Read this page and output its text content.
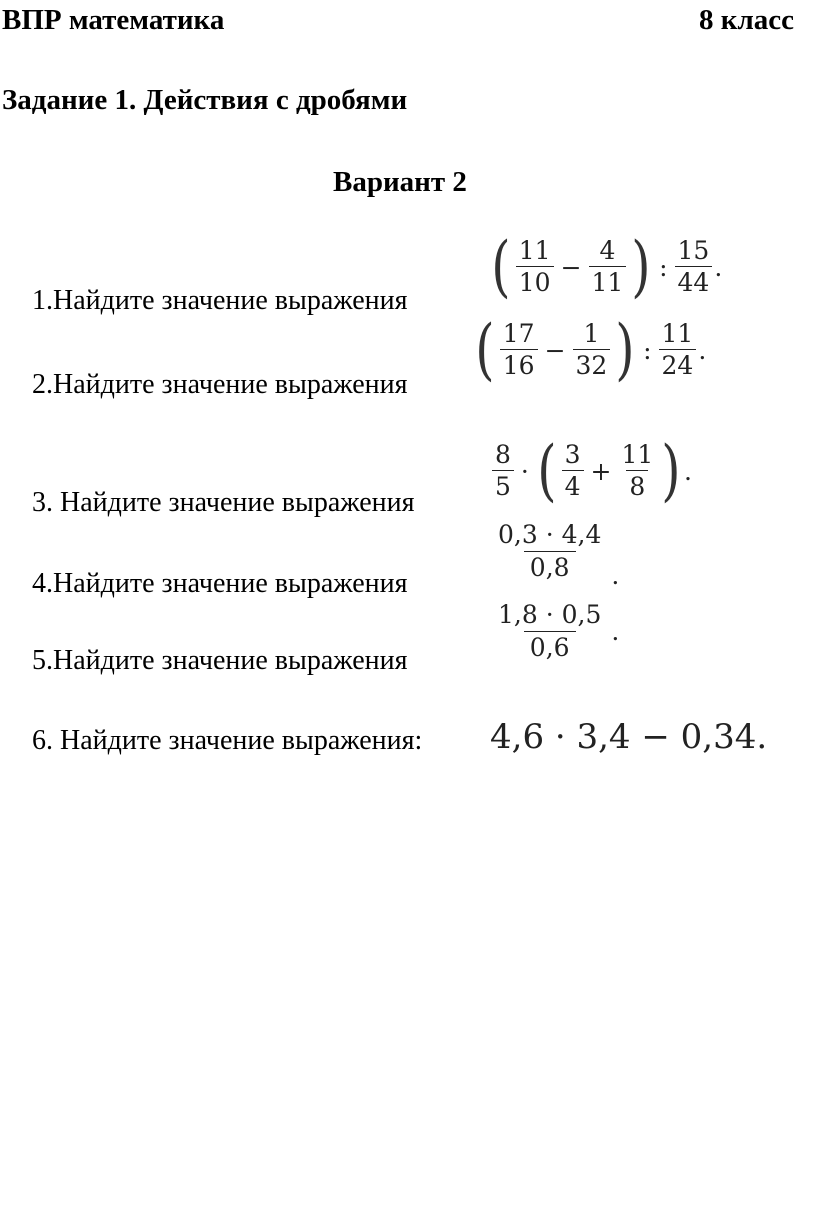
ВПР математика	8 класс
Задание 1. Действия с дробями
Вариант 2
1.Найдите значение выражения ( $\frac{11}{10} - \frac{4}{11}$ ) : $\frac{15}{44}$ .
2.Найдите значение выражения ( $\frac{17}{16} - \frac{1}{32}$ ) : $\frac{11}{24}$ .
3. Найдите значение выражения
$\frac{8}{5}$ · ( $\frac{3}{4} + \frac{11}{8}$ ) .
4.Найдите значение выражения
$\frac{0,3 \cdot 4,4}{0,8}$ .
5.Найдите значение выражения	$\frac{1,8 \cdot 0,5}{0,6}$ .
6. Найдите значение выражения: 4,6 · 3,4 − 0,34.
